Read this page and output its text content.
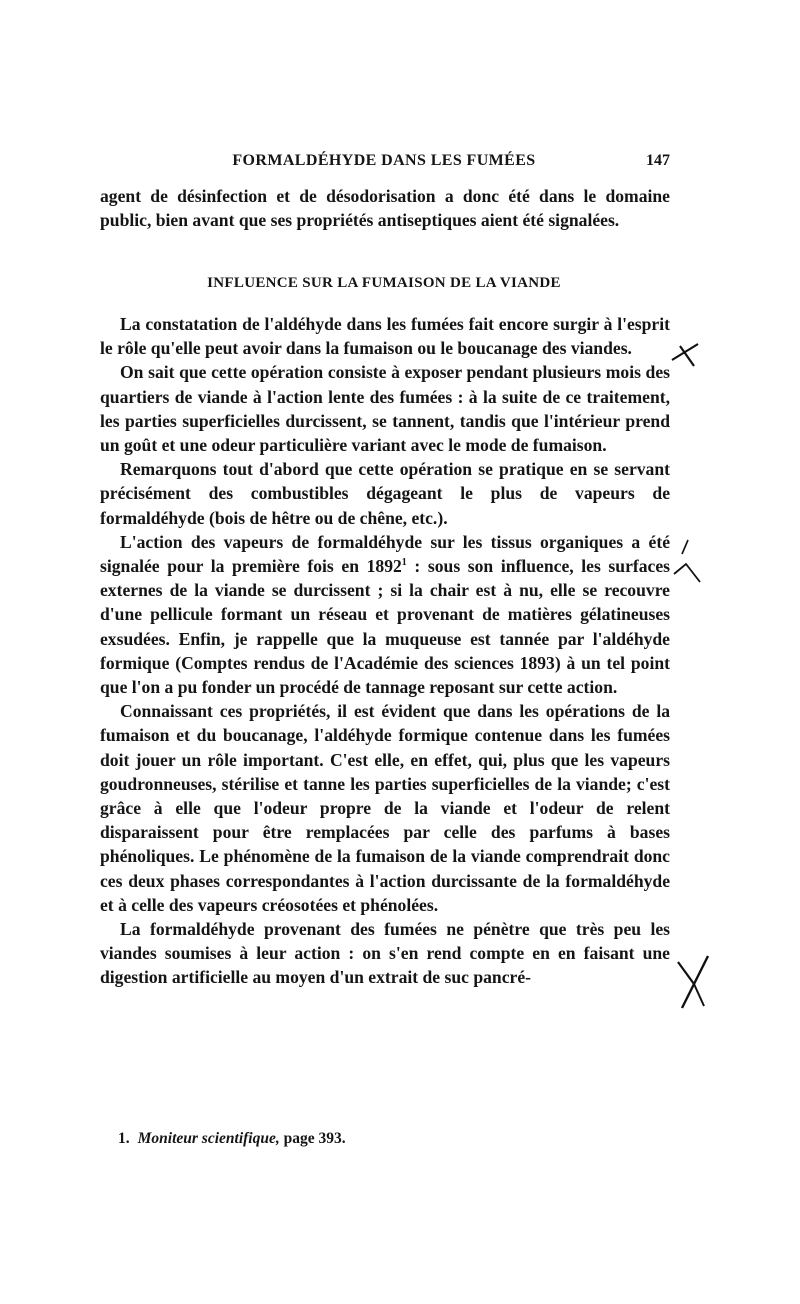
FORMALDÉHYDE DANS LES FUMÉES	147

agent de désinfection et de désodorisation a donc été dans le domaine public, bien avant que ses propriétés antiseptiques aient été signalées.

INFLUENCE SUR LA FUMAISON DE LA VIANDE

La constatation de l'aldéhyde dans les fumées fait encore surgir à l'esprit le rôle qu'elle peut avoir dans la fumaison ou le boucanage des viandes.

On sait que cette opération consiste à exposer pendant plusieurs mois des quartiers de viande à l'action lente des fumées : à la suite de ce traitement, les parties superficielles durcissent, se tannent, tandis que l'intérieur prend un goût et une odeur particulière variant avec le mode de fumaison.

Remarquons tout d'abord que cette opération se pratique en se servant précisément des combustibles dégageant le plus de vapeurs de formaldéhyde (bois de hêtre ou de chêne, etc.).

L'action des vapeurs de formaldéhyde sur les tissus organiques a été signalée pour la première fois en 1892$^1$ : sous son influence, les surfaces externes de la viande se durcissent ; si la chair est à nu, elle se recouvre d'une pellicule formant un réseau et provenant de matières gélatineuses exsudées. Enfin, je rappelle que la muqueuse est tannée par l'aldéhyde formique (Comptes rendus de l'Académie des sciences 1893) à un tel point que l'on a pu fonder un procédé de tannage reposant sur cette action.

Connaissant ces propriétés, il est évident que dans les opérations de la fumaison et du boucanage, l'aldéhyde formique contenue dans les fumées doit jouer un rôle important. C'est elle, en effet, qui, plus que les vapeurs goudronneuses, stérilise et tanne les parties superficielles de la viande; c'est grâce à elle que l'odeur propre de la viande et l'odeur de relent disparaissent pour être remplacées par celle des parfums à bases phénoliques. Le phénomène de la fumaison de la viande comprendrait donc ces deux phases correspondantes à l'action durcissante de la formaldéhyde et à celle des vapeurs créosotées et phénolées.

La formaldéhyde provenant des fumées ne pénètre que très peu les viandes soumises à leur action : on s'en rend compte en en faisant une digestion artificielle au moyen d'un extrait de suc pancré-

1. Moniteur scientifique, page 393.
